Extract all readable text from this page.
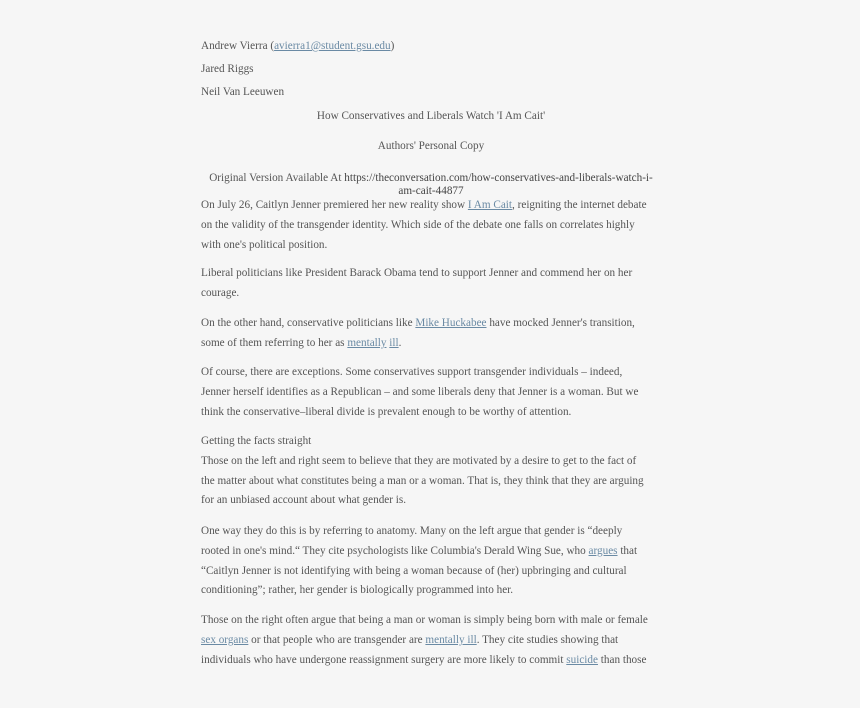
Andrew Vierra (avierra1@student.gsu.edu)

Jared Riggs

Neil Van Leeuwen

How Conservatives and Liberals Watch 'I Am Cait'

Authors' Personal Copy

Original Version Available At https://theconversation.com/how-conservatives-and-liberals-watch-i-
am-cait-44877

On July 26, Caitlyn Jenner premiered her new reality show I Am Cait, reigniting the internet debate

on the validity of the transgender identity. Which side of the debate one falls on correlates highly

with one's political position.

Liberal politicians like President Barack Obama tend to support Jenner and commend her on her

courage.

On the other hand, conservative politicians like Mike Huckabee have mocked Jenner's transition,

some of them referring to her as mentally ill.

Of course, there are exceptions. Some conservatives support transgender individuals – indeed,

Jenner herself identifies as a Republican – and some liberals deny that Jenner is a woman. But we

think the conservative–liberal divide is prevalent enough to be worthy of attention.

Getting the facts straight

Those on the left and right seem to believe that they are motivated by a desire to get to the fact of

the matter about what constitutes being a man or a woman. That is, they think that they are arguing

for an unbiased account about what gender is.

One way they do this is by referring to anatomy. Many on the left argue that gender is “deeply

rooted in one's mind.“ They cite psychologists like Columbia's Derald Wing Sue, who argues that

“Caitlyn Jenner is not identifying with being a woman because of (her) upbringing and cultural

conditioning”; rather, her gender is biologically programmed into her.

Those on the right often argue that being a man or woman is simply being born with male or female

sex organs or that people who are transgender are mentally ill. They cite studies showing that

individuals who have undergone reassignment surgery are more likely to commit suicide than those
